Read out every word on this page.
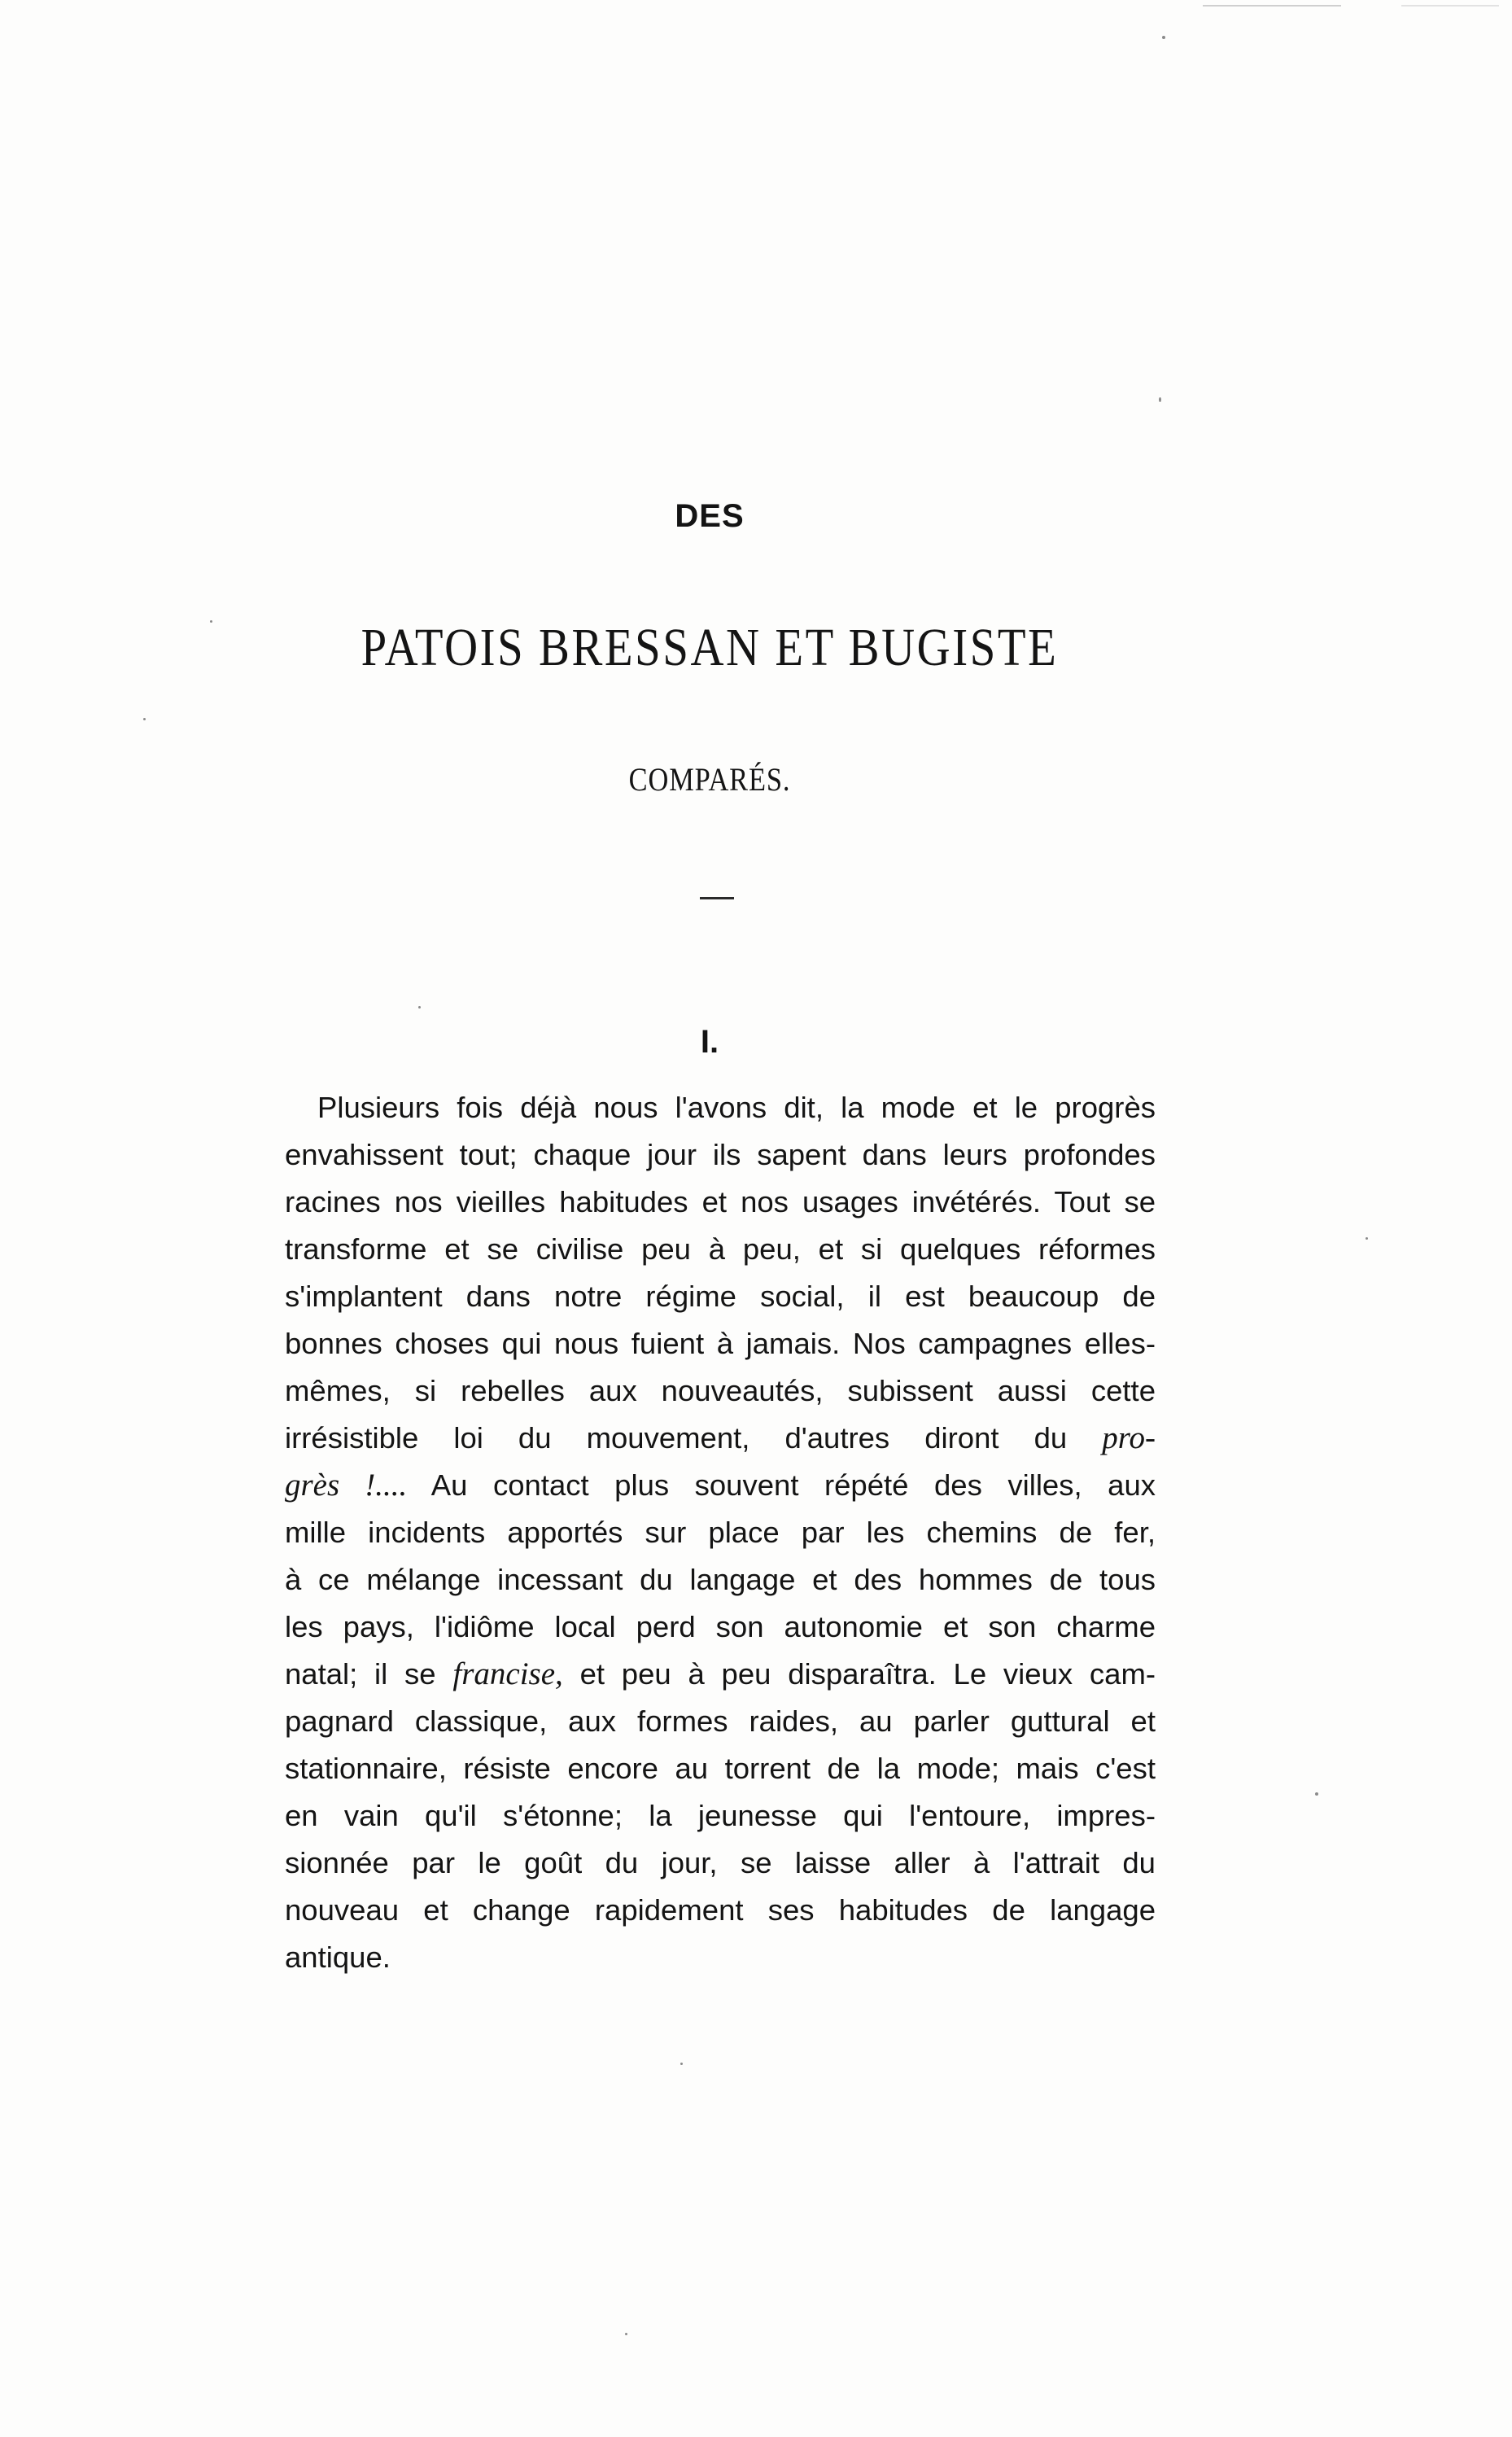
DES
PATOIS BRESSAN ET BUGISTE
COMPARÉS.
I.
Plusieurs fois déjà nous l'avons dit, la mode et le progrès
envahissent tout; chaque jour ils sapent dans leurs profondes
racines nos vieilles habitudes et nos usages invétérés. Tout se
transforme et se civilise peu à peu, et si quelques réformes
s'implantent dans notre régime social, il est beaucoup de
bonnes choses qui nous fuient à jamais. Nos campagnes elles-
mêmes, si rebelles aux nouveautés, subissent aussi cette
irrésistible loi du mouvement, d'autres diront du pro-
grès !.... Au contact plus souvent répété des villes, aux
mille incidents apportés sur place par les chemins de fer,
à ce mélange incessant du langage et des hommes de tous
les pays, l'idiôme local perd son autonomie et son charme
natal; il se francise, et peu à peu disparaîtra. Le vieux cam-
pagnard classique, aux formes raides, au parler guttural et
stationnaire, résiste encore au torrent de la mode; mais c'est
en vain qu'il s'étonne; la jeunesse qui l'entoure, impres-
sionnée par le goût du jour, se laisse aller à l'attrait du
nouveau et change rapidement ses habitudes de langage
antique.
